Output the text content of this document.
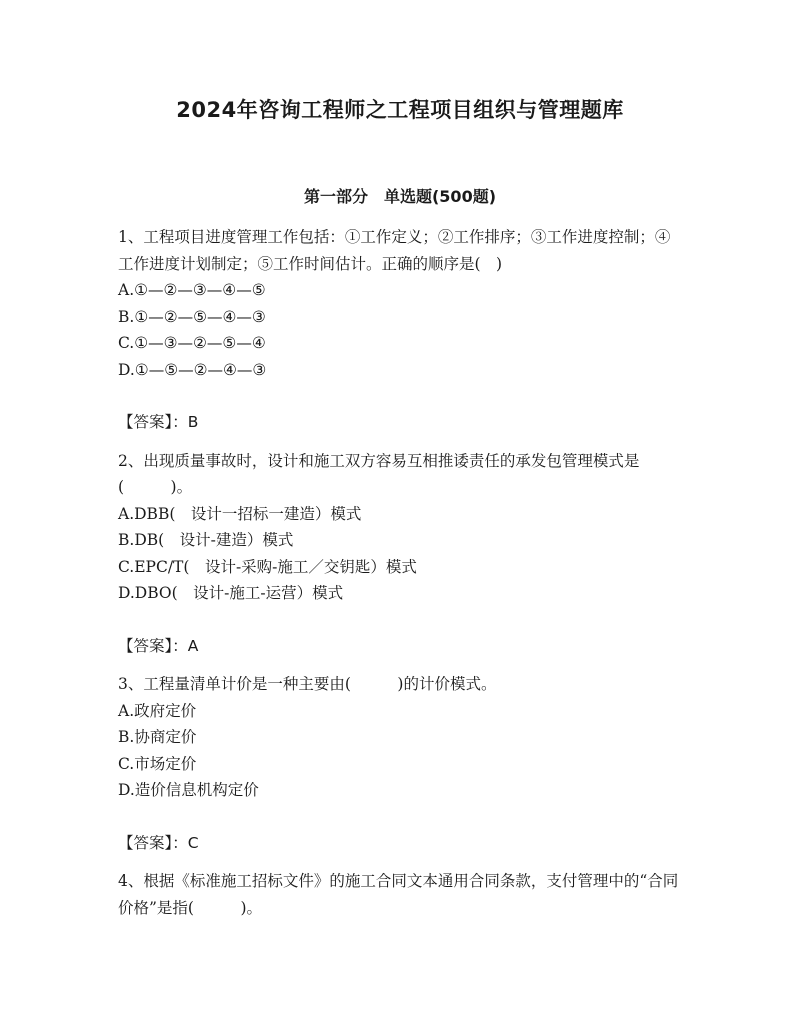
2024年咨询工程师之工程项目组织与管理题库
第一部分　单选题(500题)

1、工程项目进度管理工作包括：①工作定义；②工作排序；③工作进度控制；④工作进度计划制定；⑤工作时间估计。正确的顺序是(　)

A.①—②—③—④—⑤

B.①—②—⑤—④—③

C.①—③—②—⑤—④

D.①—⑤—②—④—③

【答案】：B

2、出现质量事故时，设计和施工双方容易互相推诿责任的承发包管理模式是(　　　)。

A.DBB(　设计一招标一建造）模式

B.DB(　设计-建造）模式

C.EPC/T(　设计-采购-施工／交钥匙）模式

D.DBO(　设计-施工-运营）模式

【答案】：A

3、工程量清单计价是一种主要由(　　　)的计价模式。

A.政府定价

B.协商定价

C.市场定价

D.造价信息机构定价

【答案】：C

4、根据《标准施工招标文件》的施工合同文本通用合同条款，支付管理中的“合同价格”是指(　　　)。
